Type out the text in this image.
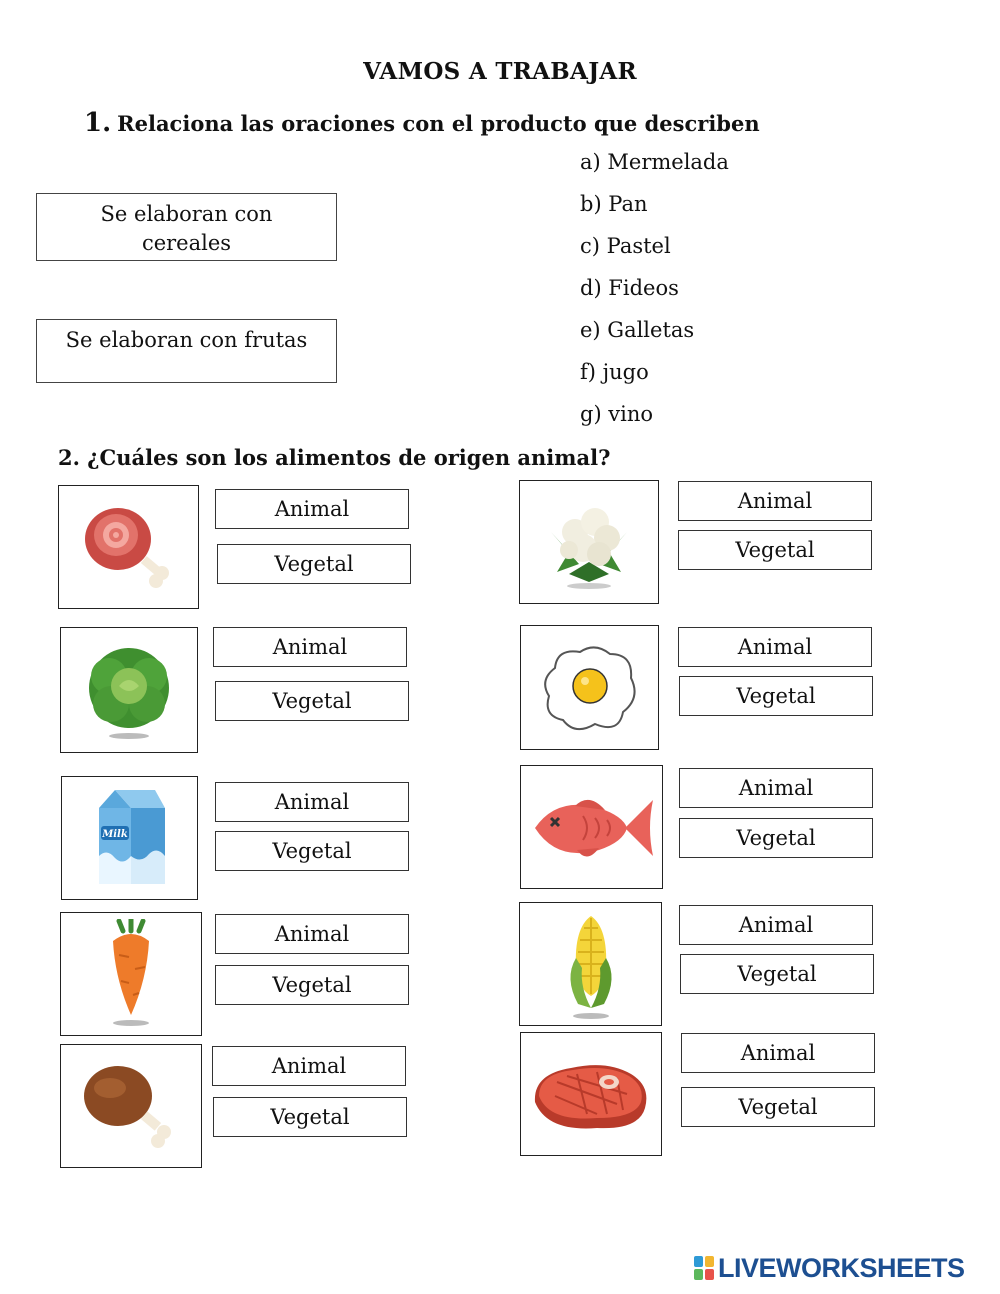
VAMOS A TRABAJAR
1. Relaciona las oraciones con el producto que describen
Se elaboran con cereales
Se elaboran con frutas
a) Mermelada
b) Pan
c) Pastel
d) Fideos
e) Galletas
f) jugo
g) vino
2. ¿Cuáles son los alimentos de origen animal?
Animal
Vegetal
Animal
Vegetal
Animal
Vegetal
Animal
Vegetal
Milk
Animal
Vegetal
Animal
Vegetal
Animal
Vegetal
Animal
Vegetal
Animal
Vegetal
Animal
Vegetal
LIVEWORKSHEETS
